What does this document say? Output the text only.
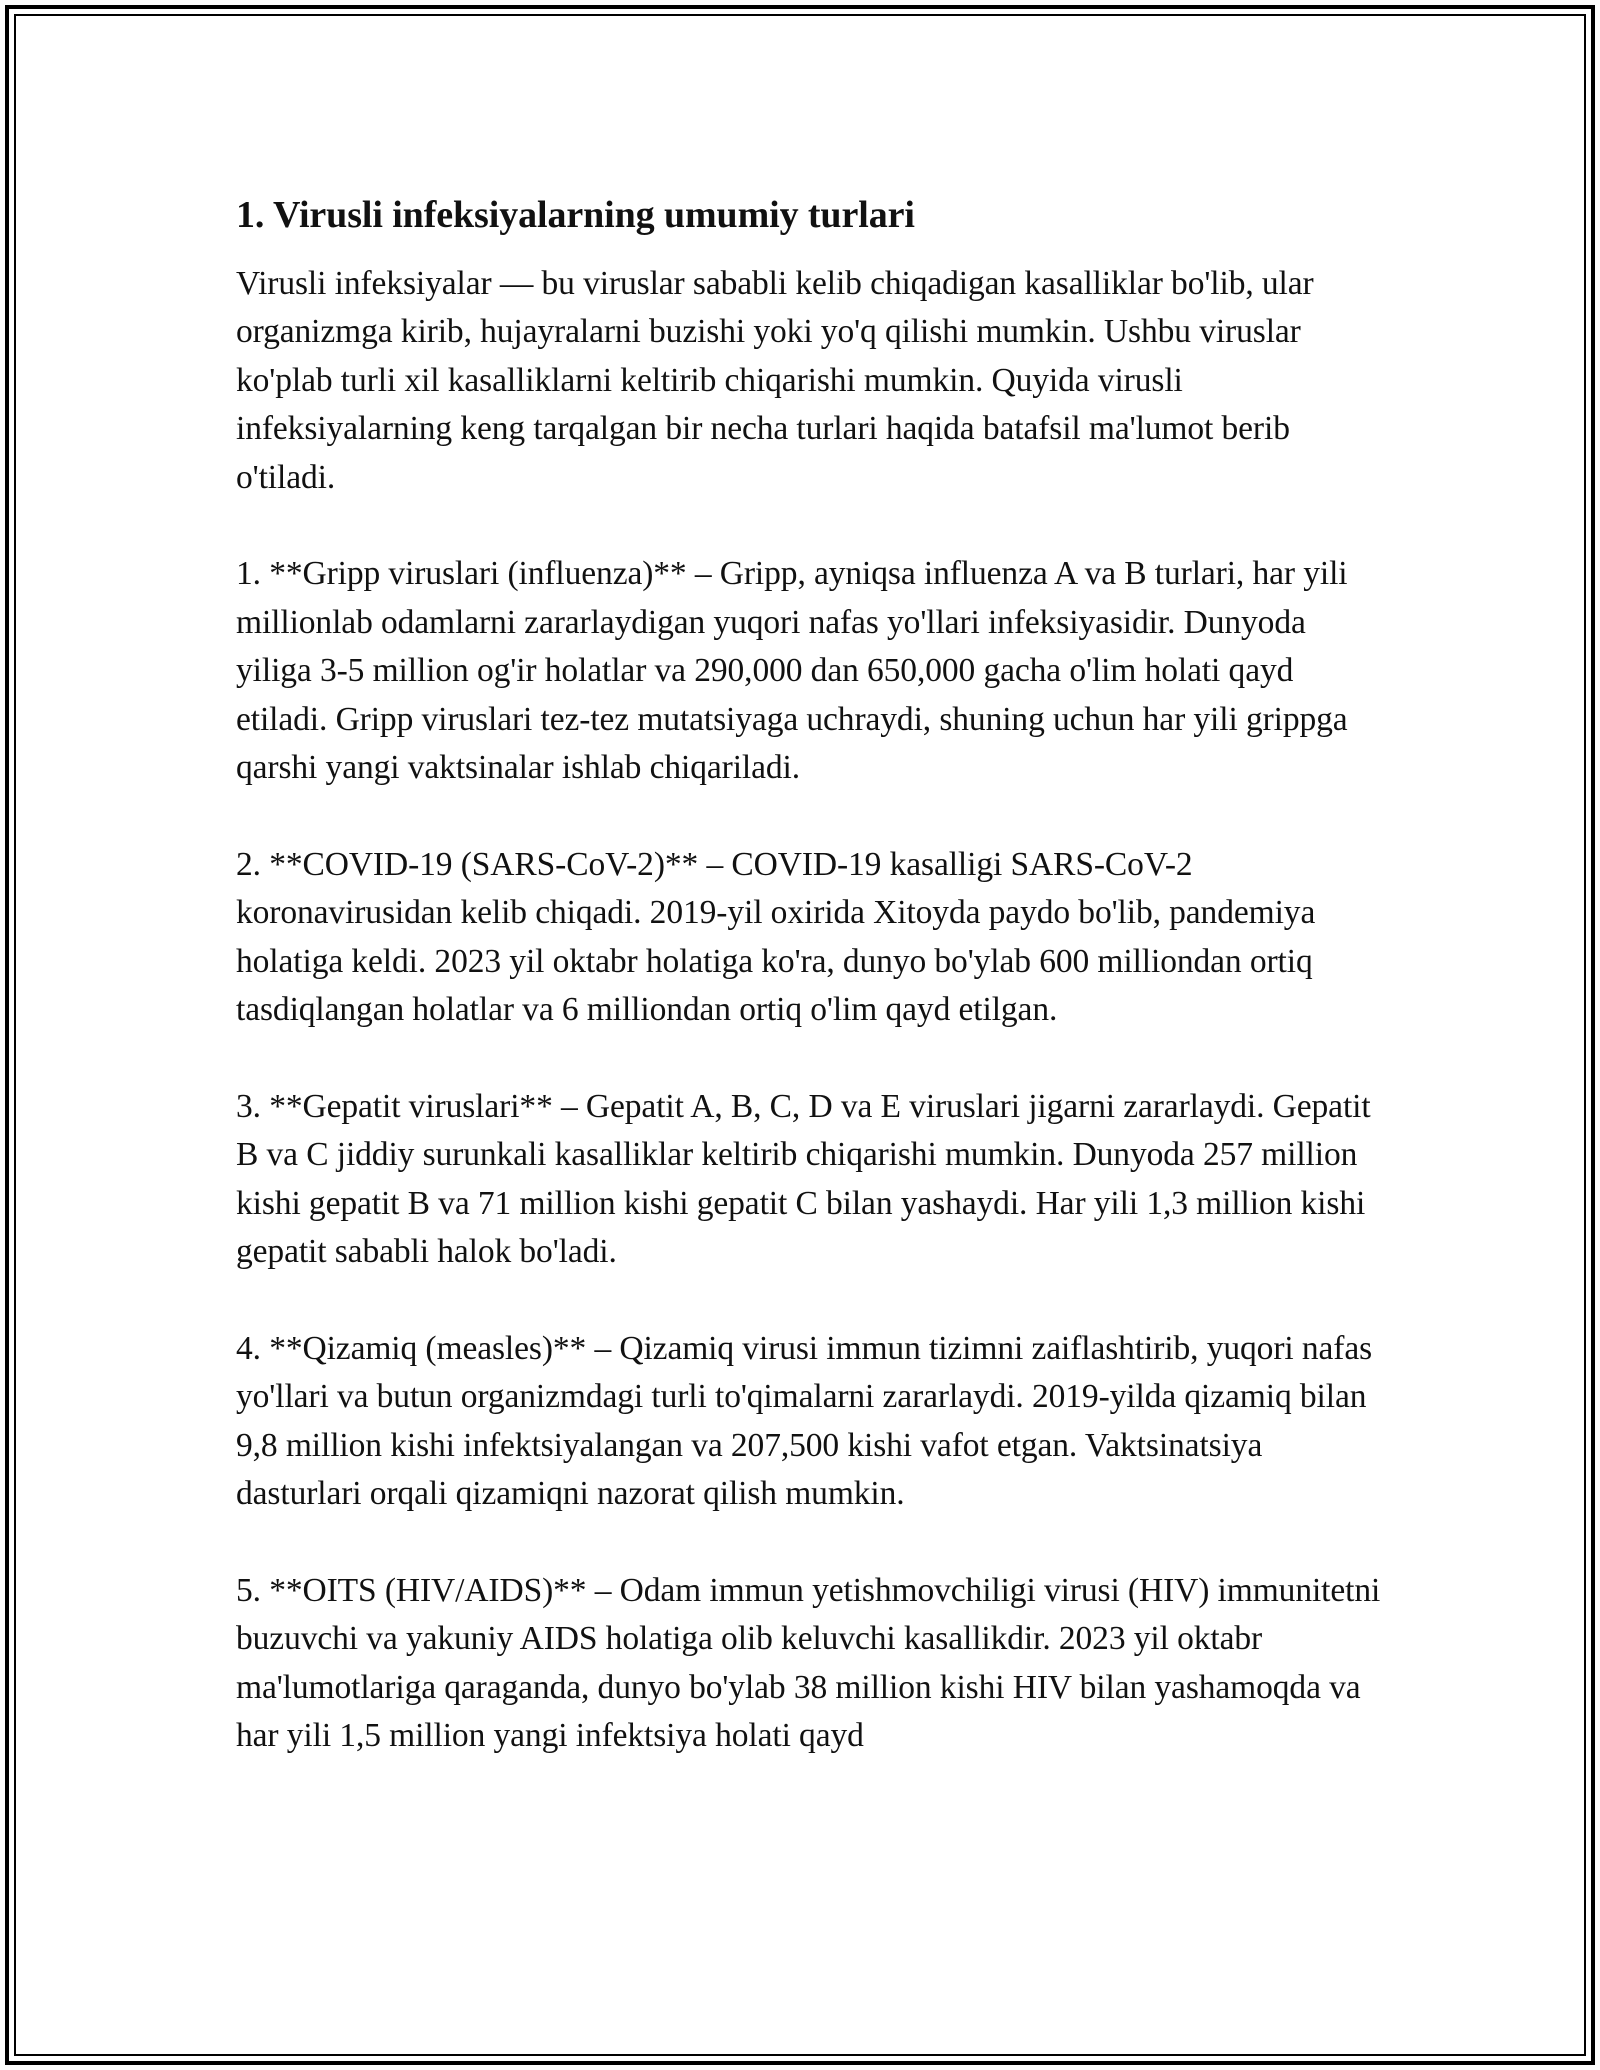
1. Virusli infeksiyalarning umumiy turlari

Virusli infeksiyalar — bu viruslar sababli kelib chiqadigan kasalliklar bo'lib, ular organizmga kirib, hujayralarni buzishi yoki yo'q qilishi mumkin. Ushbu viruslar ko'plab turli xil kasalliklarni keltirib chiqarishi mumkin. Quyida virusli infeksiyalarning keng tarqalgan bir necha turlari haqida batafsil ma'lumot berib o'tiladi.

1. **Gripp viruslari (influenza)** – Gripp, ayniqsa influenza A va B turlari, har yili millionlab odamlarni zararlaydigan yuqori nafas yo'llari infeksiyasidir. Dunyoda yiliga 3-5 million og'ir holatlar va 290,000 dan 650,000 gacha o'lim holati qayd etiladi. Gripp viruslari tez-tez mutatsiyaga uchraydi, shuning uchun har yili grippga qarshi yangi vaktsinalar ishlab chiqariladi.

2. **COVID-19 (SARS-CoV-2)** – COVID-19 kasalligi SARS-CoV-2 koronavirusidan kelib chiqadi. 2019-yil oxirida Xitoyda paydo bo'lib, pandemiya holatiga keldi. 2023 yil oktabr holatiga ko'ra, dunyo bo'ylab 600 milliondan ortiq tasdiqlangan holatlar va 6 milliondan ortiq o'lim qayd etilgan.

3. **Gepatit viruslari** – Gepatit A, B, C, D va E viruslari jigarni zararlaydi. Gepatit B va C jiddiy surunkali kasalliklar keltirib chiqarishi mumkin. Dunyoda 257 million kishi gepatit B va 71 million kishi gepatit C bilan yashaydi. Har yili 1,3 million kishi gepatit sababli halok bo'ladi.

4. **Qizamiq (measles)** – Qizamiq virusi immun tizimni zaiflashtirib, yuqori nafas yo'llari va butun organizmdagi turli to'qimalarni zararlaydi. 2019-yilda qizamiq bilan 9,8 million kishi infektsiyalangan va 207,500 kishi vafot etgan. Vaktsinatsiya dasturlari orqali qizamiqni nazorat qilish mumkin.

5. **OITS (HIV/AIDS)** – Odam immun yetishmovchiligi virusi (HIV) immunitetni buzuvchi va yakuniy AIDS holatiga olib keluvchi kasallikdir. 2023 yil oktabr ma'lumotlariga qaraganda, dunyo bo'ylab 38 million kishi HIV bilan yashamoqda va har yili 1,5 million yangi infektsiya holati qayd
